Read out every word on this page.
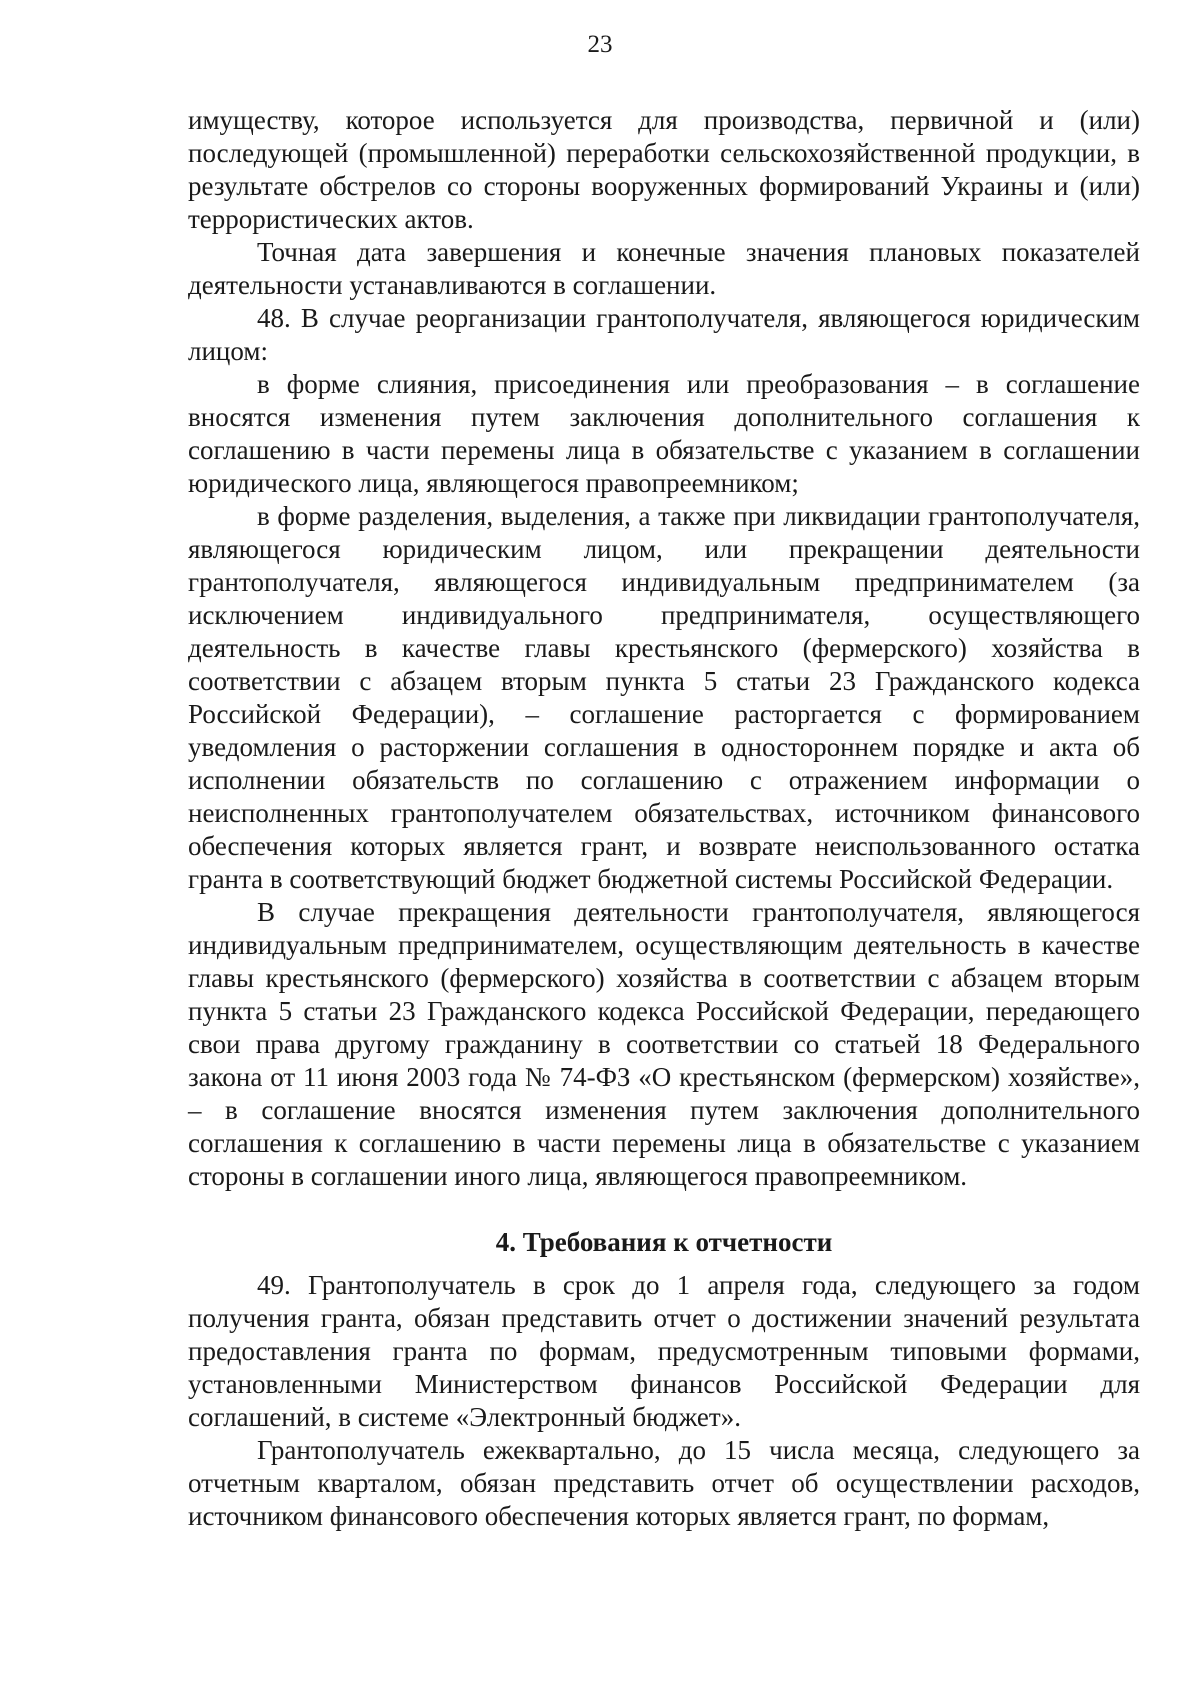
23

имуществу, которое используется для производства, первичной и (или) последующей (промышленной) переработки сельскохозяйственной продукции, в результате обстрелов со стороны вооруженных формирований Украины и (или) террористических актов.

Точная дата завершения и конечные значения плановых показателей деятельности устанавливаются в соглашении.

48. В случае реорганизации грантополучателя, являющегося юридическим лицом:

в форме слияния, присоединения или преобразования – в соглашение вносятся изменения путем заключения дополнительного соглашения к соглашению в части перемены лица в обязательстве с указанием в соглашении юридического лица, являющегося правопреемником;

в форме разделения, выделения, а также при ликвидации грантополучателя, являющегося юридическим лицом, или прекращении деятельности грантополучателя, являющегося индивидуальным предпринимателем (за исключением индивидуального предпринимателя, осуществляющего деятельность в качестве главы крестьянского (фермерского) хозяйства в соответствии с абзацем вторым пункта 5 статьи 23 Гражданского кодекса Российской Федерации), – соглашение расторгается с формированием уведомления о расторжении соглашения в одностороннем порядке и акта об исполнении обязательств по соглашению с отражением информации о неисполненных грантополучателем обязательствах, источником финансового обеспечения которых является грант, и возврате неиспользованного остатка гранта в соответствующий бюджет бюджетной системы Российской Федерации.

В случае прекращения деятельности грантополучателя, являющегося индивидуальным предпринимателем, осуществляющим деятельность в качестве главы крестьянского (фермерского) хозяйства в соответствии с абзацем вторым пункта 5 статьи 23 Гражданского кодекса Российской Федерации, передающего свои права другому гражданину в соответствии со статьей 18 Федерального закона от 11 июня 2003 года № 74-ФЗ «О крестьянском (фермерском) хозяйстве», – в соглашение вносятся изменения путем заключения дополнительного соглашения к соглашению в части перемены лица в обязательстве с указанием стороны в соглашении иного лица, являющегося правопреемником.

4. Требования к отчетности

49. Грантополучатель в срок до 1 апреля года, следующего за годом получения гранта, обязан представить отчет о достижении значений результата предоставления гранта по формам, предусмотренным типовыми формами, установленными Министерством финансов Российской Федерации для соглашений, в системе «Электронный бюджет».

Грантополучатель ежеквартально, до 15 числа месяца, следующего за отчетным кварталом, обязан представить отчет об осуществлении расходов, источником финансового обеспечения которых является грант, по формам,
